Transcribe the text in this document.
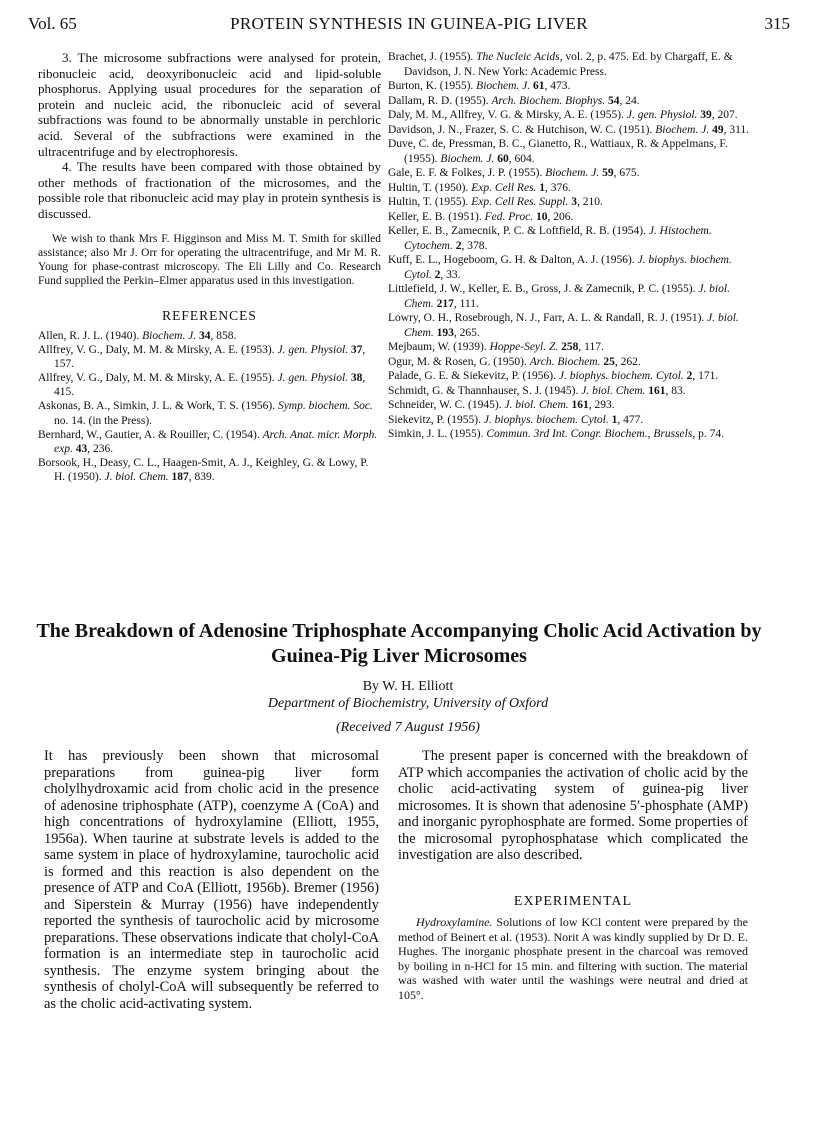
Vol. 65	PROTEIN SYNTHESIS IN GUINEA-PIG LIVER	315

3. The microsome subfractions were analysed for protein, ribonucleic acid, deoxyribonucleic acid and lipid-soluble phosphorus. Applying usual procedures for the separation of protein and nucleic acid, the ribonucleic acid of several subfractions was found to be abnormally unstable in perchloric acid. Several of the subfractions were examined in the ultracentrifuge and by electrophoresis.

4. The results have been compared with those obtained by other methods of fractionation of the microsomes, and the possible role that ribonucleic acid may play in protein synthesis is discussed.

We wish to thank Mrs F. Higginson and Miss M. T. Smith for skilled assistance; also Mr J. Orr for operating the ultracentrifuge, and Mr M. R. Young for phase-contrast microscopy. The Eli Lilly and Co. Research Fund supplied the Perkin–Elmer apparatus used in this investigation.

REFERENCES
Allen, R. J. L. (1940). Biochem. J. 34, 858.
Allfrey, V. G., Daly, M. M. & Mirsky, A. E. (1953). J. gen. Physiol. 37, 157.
Allfrey, V. G., Daly, M. M. & Mirsky, A. E. (1955). J. gen. Physiol. 38, 415.
Askonas, B. A., Simkin, J. L. & Work, T. S. (1956). Symp. biochem. Soc. no. 14. (in the Press).
Bernhard, W., Gautier, A. & Rouiller, C. (1954). Arch. Anat. micr. Morph. exp. 43, 236.
Borsook, H., Deasy, C. L., Haagen-Smit, A. J., Keighley, G. & Lowy, P. H. (1950). J. biol. Chem. 187, 839.
Brachet, J. (1955). The Nucleic Acids, vol. 2, p. 475. Ed. by Chargaff, E. & Davidson, J. N. New York: Academic Press.
Burton, K. (1955). Biochem. J. 61, 473.
Dallam, R. D. (1955). Arch. Biochem. Biophys. 54, 24.
Daly, M. M., Allfrey, V. G. & Mirsky, A. E. (1955). J. gen. Physiol. 39, 207.
Davidson, J. N., Frazer, S. C. & Hutchison, W. C. (1951). Biochem. J. 49, 311.
Duve, C. de, Pressman, B. C., Gianetto, R., Wattiaux, R. & Appelmans, F. (1955). Biochem. J. 60, 604.
Gale, E. F. & Folkes, J. P. (1955). Biochem. J. 59, 675.
Hultin, T. (1950). Exp. Cell Res. 1, 376.
Hultin, T. (1955). Exp. Cell Res. Suppl. 3, 210.
Keller, E. B. (1951). Fed. Proc. 10, 206.
Keller, E. B., Zamecnik, P. C. & Loftfield, R. B. (1954). J. Histochem. Cytochem. 2, 378.
Kuff, E. L., Hogeboom, G. H. & Dalton, A. J. (1956). J. biophys. biochem. Cytol. 2, 33.
Littlefield, J. W., Keller, E. B., Gross, J. & Zamecnik, P. C. (1955). J. biol. Chem. 217, 111.
Lowry, O. H., Rosebrough, N. J., Farr, A. L. & Randall, R. J. (1951). J. biol. Chem. 193, 265.
Mejbaum, W. (1939). Hoppe-Seyl. Z. 258, 117.
Ogur, M. & Rosen, G. (1950). Arch. Biochem. 25, 262.
Palade, G. E. & Siekevitz, P. (1956). J. biophys. biochem. Cytol. 2, 171.
Schmidt, G. & Thannhauser, S. J. (1945). J. biol. Chem. 161, 83.
Schneider, W. C. (1945). J. biol. Chem. 161, 293.
Siekevitz, P. (1955). J. biophys. biochem. Cytol. 1, 477.
Simkin, J. L. (1955). Commun. 3rd Int. Congr. Biochem., Brussels, p. 74.
The Breakdown of Adenosine Triphosphate Accompanying Cholic Acid Activation by Guinea-Pig Liver Microsomes
By W. H. Elliott
Department of Biochemistry, University of Oxford
(Received 7 August 1956)

It has previously been shown that microsomal preparations from guinea-pig liver form cholylhydroxamic acid from cholic acid in the presence of adenosine triphosphate (ATP), coenzyme A (CoA) and high concentrations of hydroxylamine (Elliott, 1955, 1956a). When taurine at substrate levels is added to the same system in place of hydroxylamine, taurocholic acid is formed and this reaction is also dependent on the presence of ATP and CoA (Elliott, 1956b). Bremer (1956) and Siperstein & Murray (1956) have independently reported the synthesis of taurocholic acid by microsome preparations. These observations indicate that cholyl-CoA formation is an intermediate step in taurocholic acid synthesis. The enzyme system bringing about the synthesis of cholyl-CoA will subsequently be referred to as the cholic acid-activating system.

The present paper is concerned with the breakdown of ATP which accompanies the activation of cholic acid by the cholic acid-activating system of guinea-pig liver microsomes. It is shown that adenosine 5′-phosphate (AMP) and inorganic pyrophosphate are formed. Some properties of the microsomal pyrophosphatase which complicated the investigation are also described.

EXPERIMENTAL

Hydroxylamine. Solutions of low KCl content were prepared by the method of Beinert et al. (1953). Norit A was kindly supplied by Dr D. E. Hughes. The inorganic phosphate present in the charcoal was removed by boiling in n-HCl for 15 min. and filtering with suction. The material was washed with water until the washings were neutral and dried at 105°.
